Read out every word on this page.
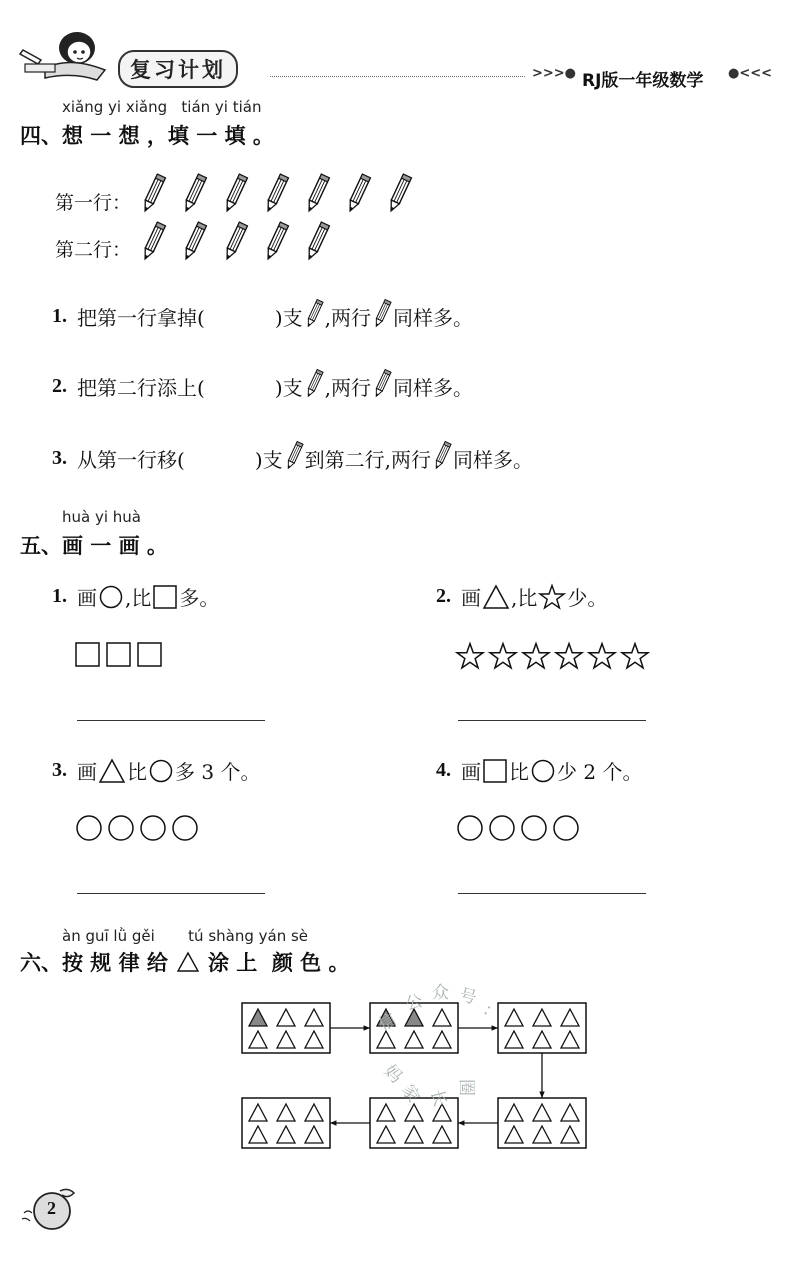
复习计划	>>>● RJ版一年级数学 ●<<<
xiǎng yi xiǎng   tián yi tián
四、想 一 想 ，填 一 填 。
第一行：
第二行：
1. 把第一行拿掉(	)支 ,两行 同样多。
2. 把第二行添上(	)支 ,两行 同样多。
3. 从第一行移(	)支 到第二行,两行 同样多。
huà yi huà
五、画 一 画 。
1. 画 ,比 多。	2. 画 ,比 少。
3. 画 比 多 3 个。	4. 画 比 少 2 个。
àn guī lǜ gěi       tú shàng yán sè
六、按 规 律 给 涂 上  颜 色 。
信
公 众 号
：
妈
家 长 圈
2
